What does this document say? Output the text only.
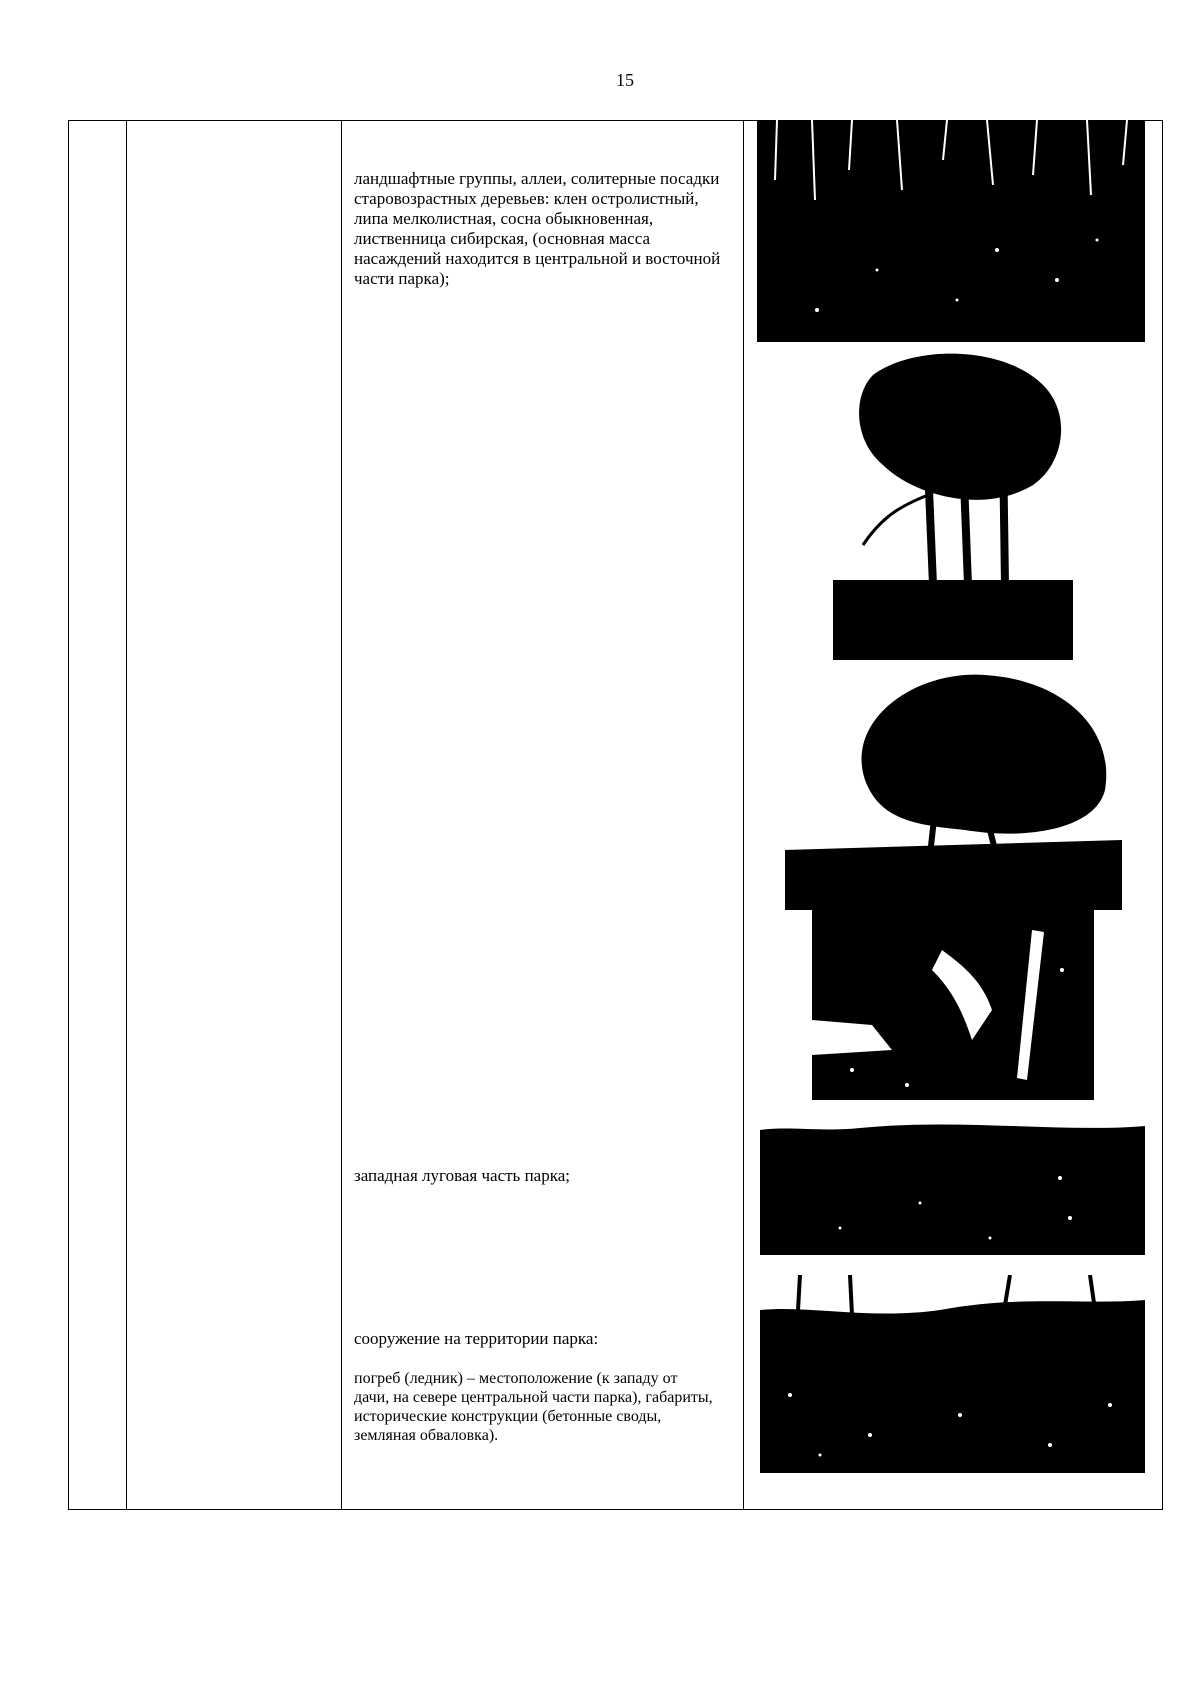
15
ландшафтные группы, аллеи, солитерные посадки старовозрастных деревьев: клен остролистный, липа мелколистная, сосна обыкновенная, лиственница сибирская, (основная масса насаждений находится в центральной и восточной части парка);
западная луговая часть парка;
сооружение на территории парка:
погреб (ледник) – местоположение (к западу от дачи, на севере центральной части парка), габариты, исторические конструкции (бетонные своды, земляная обваловка).
